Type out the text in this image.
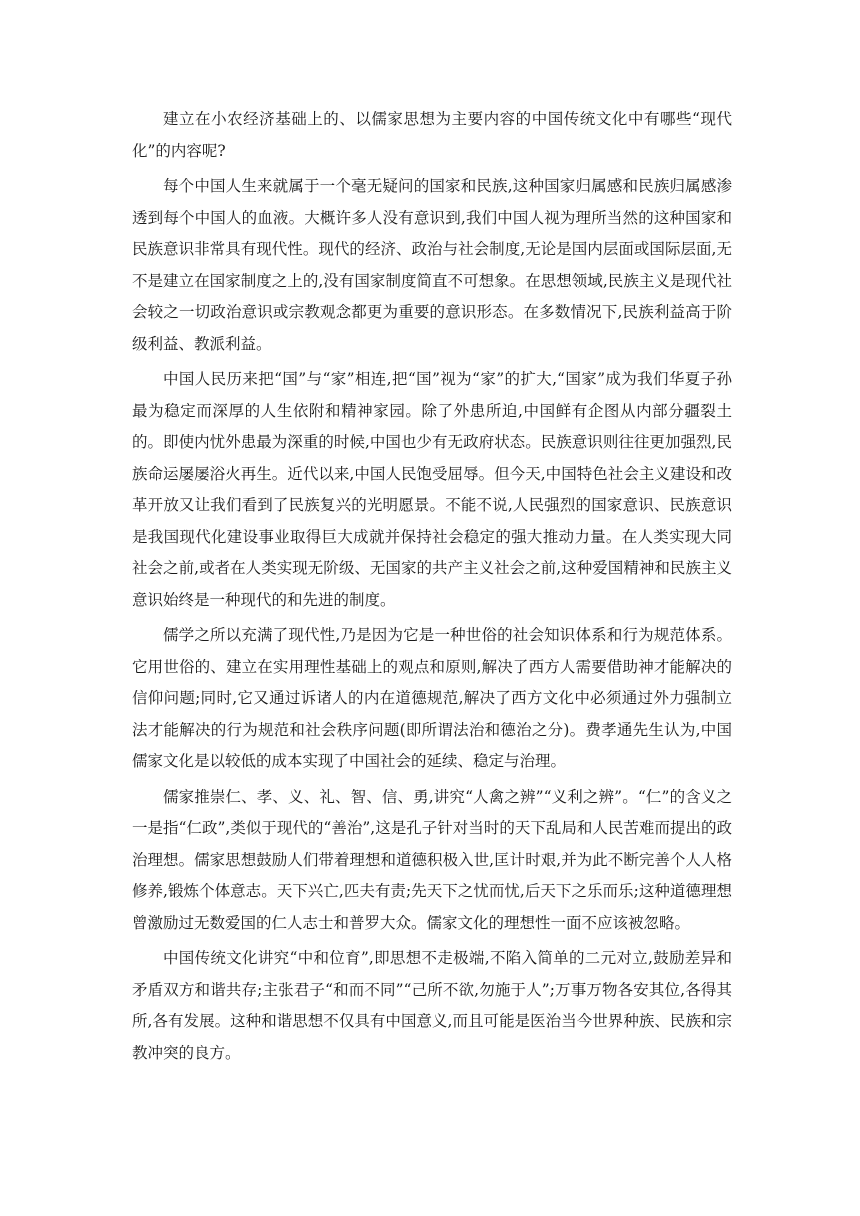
建立在小农经济基础上的、以儒家思想为主要内容的中国传统文化中有哪些“现代化”的内容呢?

每个中国人生来就属于一个毫无疑问的国家和民族,这种国家归属感和民族归属感渗透到每个中国人的血液。大概许多人没有意识到,我们中国人视为理所当然的这种国家和民族意识非常具有现代性。现代的经济、政治与社会制度,无论是国内层面或国际层面,无不是建立在国家制度之上的,没有国家制度简直不可想象。在思想领域,民族主义是现代社会较之一切政治意识或宗教观念都更为重要的意识形态。在多数情况下,民族利益高于阶级利益、教派利益。

中国人民历来把“国”与“家”相连,把“国”视为“家”的扩大,“国家”成为我们华夏子孙最为稳定而深厚的人生依附和精神家园。除了外患所迫,中国鲜有企图从内部分疆裂土的。即使内忧外患最为深重的时候,中国也少有无政府状态。民族意识则往往更加强烈,民族命运屡屡浴火再生。近代以来,中国人民饱受屈辱。但今天,中国特色社会主义建设和改革开放又让我们看到了民族复兴的光明愿景。不能不说,人民强烈的国家意识、民族意识是我国现代化建设事业取得巨大成就并保持社会稳定的强大推动力量。在人类实现大同社会之前,或者在人类实现无阶级、无国家的共产主义社会之前,这种爱国精神和民族主义意识始终是一种现代的和先进的制度。

儒学之所以充满了现代性,乃是因为它是一种世俗的社会知识体系和行为规范体系。它用世俗的、建立在实用理性基础上的观点和原则,解决了西方人需要借助神才能解决的信仰问题;同时,它又通过诉诸人的内在道德规范,解决了西方文化中必须通过外力强制立法才能解决的行为规范和社会秩序问题(即所谓法治和德治之分)。费孝通先生认为,中国儒家文化是以较低的成本实现了中国社会的延续、稳定与治理。

儒家推崇仁、孝、义、礼、智、信、勇,讲究“人禽之辨”“义利之辨”。“仁”的含义之一是指“仁政”,类似于现代的“善治”,这是孔子针对当时的天下乱局和人民苦难而提出的政治理想。儒家思想鼓励人们带着理想和道德积极入世,匡计时艰,并为此不断完善个人人格修养,锻炼个体意志。天下兴亡,匹夫有责;先天下之忧而忧,后天下之乐而乐;这种道德理想曾激励过无数爱国的仁人志士和普罗大众。儒家文化的理想性一面不应该被忽略。

中国传统文化讲究“中和位育”,即思想不走极端,不陷入简单的二元对立,鼓励差异和矛盾双方和谐共存;主张君子“和而不同”“己所不欲,勿施于人”;万事万物各安其位,各得其所,各有发展。这种和谐思想不仅具有中国意义,而且可能是医治当今世界种族、民族和宗教冲突的良方。
